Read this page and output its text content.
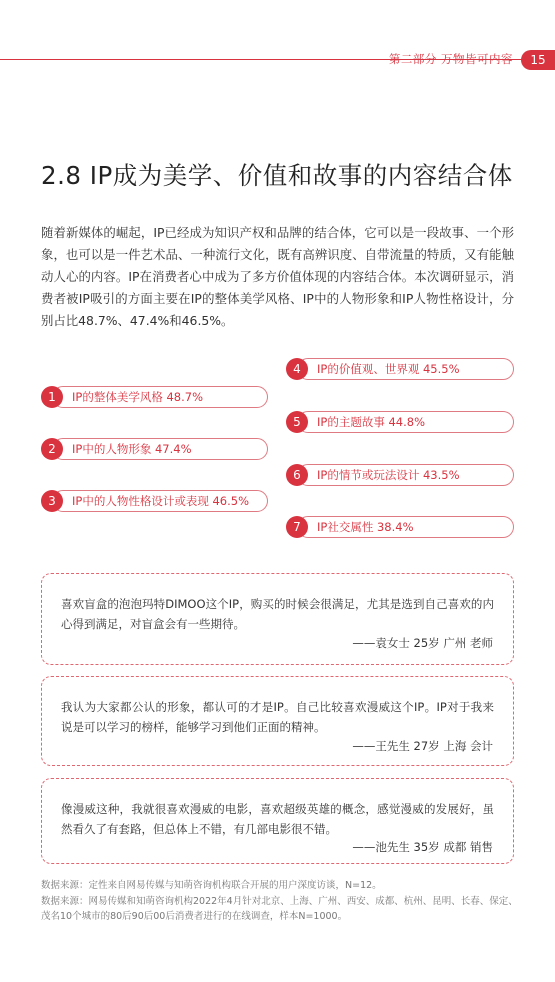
第二部分 万物皆可内容	15
2.8 IP成为美学、价值和故事的内容结合体
随着新媒体的崛起，IP已经成为知识产权和品牌的结合体，它可以是一段故事、一个形象，也可以是一件艺术品、一种流行文化，既有高辨识度、自带流量的特质，又有能触动人心的内容。IP在消费者心中成为了多方价值体现的内容结合体。本次调研显示，消费者被IP吸引的方面主要在IP的整体美学风格、IP中的人物形象和IP人物性格设计，分别占比48.7%、47.4%和46.5%。
1	IP的整体美学风格 48.7%
2	IP中的人物形象 47.4%
3	IP中的人物性格设计或表现 46.5%
4	IP的价值观、世界观 45.5%
5	IP的主题故事 44.8%
6	IP的情节或玩法设计 43.5%
7	IP社交属性 38.4%
喜欢盲盒的泡泡玛特DIMOO这个IP，购买的时候会很满足，尤其是选到自己喜欢的内心得到满足，对盲盒会有一些期待。
——袁女士 25岁 广州 老师
我认为大家都公认的形象，都认可的才是IP。自己比较喜欢漫威这个IP。IP对于我来说是可以学习的榜样，能够学习到他们正面的精神。
——王先生 27岁 上海 会计
像漫威这种，我就很喜欢漫威的电影，喜欢超级英雄的概念，感觉漫威的发展好，虽然看久了有套路，但总体上不错，有几部电影很不错。
——池先生 35岁 成都 销售
数据来源：定性来自网易传媒与知萌咨询机构联合开展的用户深度访谈，N=12。
数据来源：网易传媒和知萌咨询机构2022年4月针对北京、上海、广州、西安、成都、杭州、昆明、长春、保定、茂名10个城市的80后90后00后消费者进行的在线调查，样本N=1000。
